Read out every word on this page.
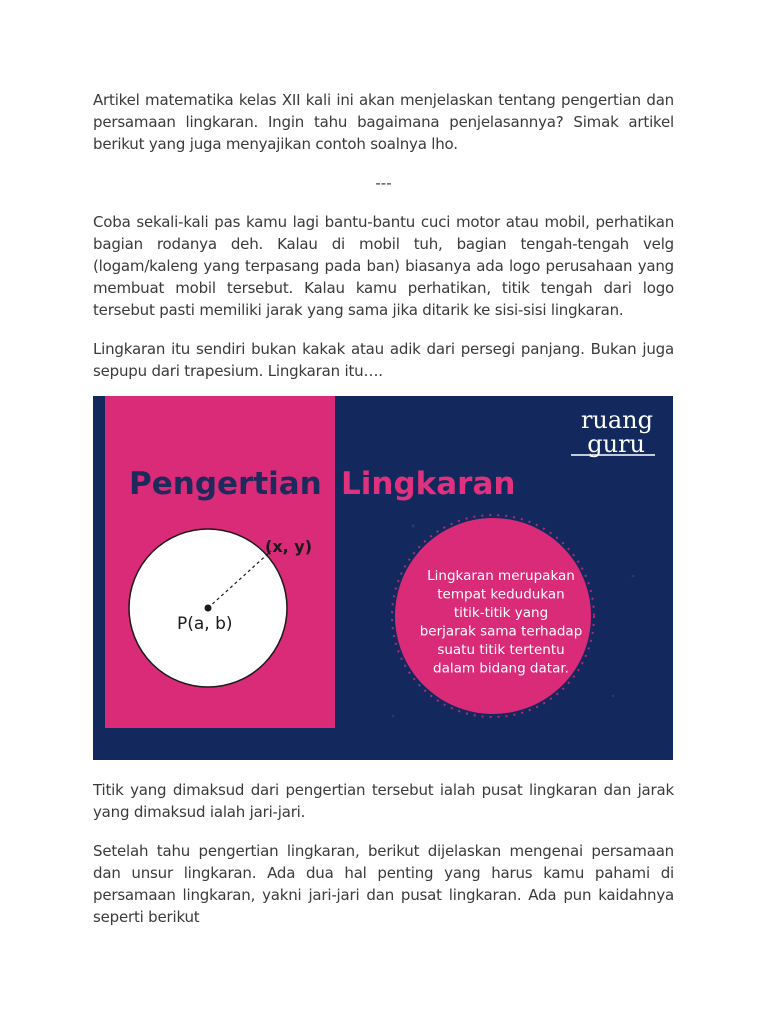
Artikel matematika kelas XII kali ini akan menjelaskan tentang pengertian dan persamaan lingkaran. Ingin tahu bagaimana penjelasannya? Simak artikel berikut yang juga menyajikan contoh soalnya lho.

---

Coba sekali-kali pas kamu lagi bantu-bantu cuci motor atau mobil, perhatikan bagian rodanya deh. Kalau di mobil tuh, bagian tengah-tengah velg (logam/kaleng yang terpasang pada ban) biasanya ada logo perusahaan yang membuat mobil tersebut. Kalau kamu perhatikan, titik tengah dari logo tersebut pasti memiliki jarak yang sama jika ditarik ke sisi-sisi lingkaran.

Lingkaran itu sendiri bukan kakak atau adik dari persegi panjang. Bukan juga sepupu dari trapesium. Lingkaran itu….

ruang
guru
Pengertian Lingkaran
(x, y)
P(a, b)
Lingkaran merupakan
tempat kedudukan
titik-titik yang
berjarak sama terhadap
suatu titik tertentu
dalam bidang datar.

Titik yang dimaksud dari pengertian tersebut ialah pusat lingkaran dan jarak yang dimaksud ialah jari-jari.

Setelah tahu pengertian lingkaran, berikut dijelaskan mengenai persamaan dan unsur lingkaran. Ada dua hal penting yang harus kamu pahami di persamaan lingkaran, yakni jari-jari dan pusat lingkaran. Ada pun kaidahnya seperti berikut
